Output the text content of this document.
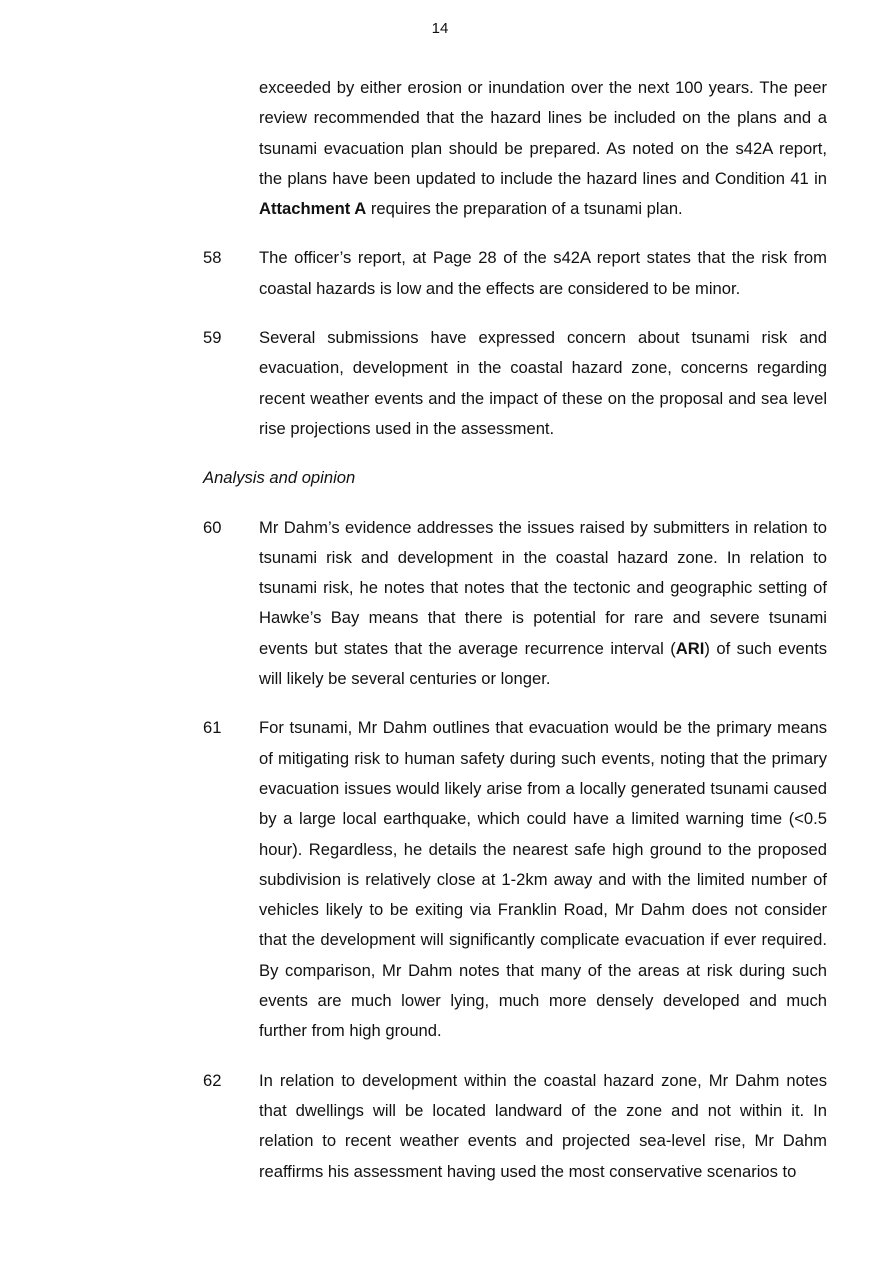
14

exceeded by either erosion or inundation over the next 100 years. The peer review recommended that the hazard lines be included on the plans and a tsunami evacuation plan should be prepared. As noted on the s42A report, the plans have been updated to include the hazard lines and Condition 41 in Attachment A requires the preparation of a tsunami plan.

58 The officer’s report, at Page 28 of the s42A report states that the risk from coastal hazards is low and the effects are considered to be minor.

59 Several submissions have expressed concern about tsunami risk and evacuation, development in the coastal hazard zone, concerns regarding recent weather events and the impact of these on the proposal and sea level rise projections used in the assessment.

Analysis and opinion
60 Mr Dahm’s evidence addresses the issues raised by submitters in relation to tsunami risk and development in the coastal hazard zone. In relation to tsunami risk, he notes that notes that the tectonic and geographic setting of Hawke’s Bay means that there is potential for rare and severe tsunami events but states that the average recurrence interval (ARI) of such events will likely be several centuries or longer.

61 For tsunami, Mr Dahm outlines that evacuation would be the primary means of mitigating risk to human safety during such events, noting that the primary evacuation issues would likely arise from a locally generated tsunami caused by a large local earthquake, which could have a limited warning time (<0.5 hour). Regardless, he details the nearest safe high ground to the proposed subdivision is relatively close at 1-2km away and with the limited number of vehicles likely to be exiting via Franklin Road, Mr Dahm does not consider that the development will significantly complicate evacuation if ever required. By comparison, Mr Dahm notes that many of the areas at risk during such events are much lower lying, much more densely developed and much further from high ground.

62 In relation to development within the coastal hazard zone, Mr Dahm notes that dwellings will be located landward of the zone and not within it. In relation to recent weather events and projected sea-level rise, Mr Dahm reaffirms his assessment having used the most conservative scenarios to
